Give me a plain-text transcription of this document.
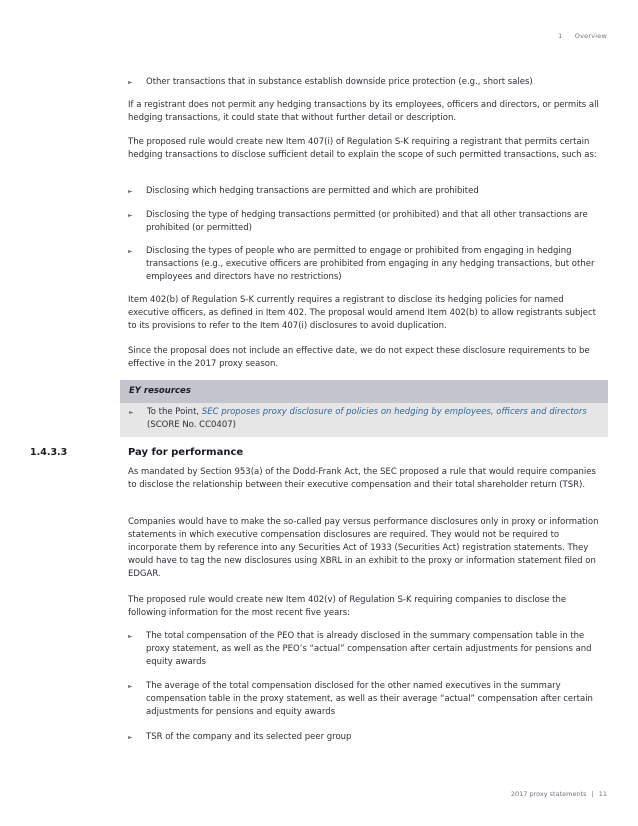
1 Overview
► Other transactions that in substance establish downside price protection (e.g., short sales)

If a registrant does not permit any hedging transactions by its employees, officers and directors, or permits all hedging transactions, it could state that without further detail or description.

The proposed rule would create new Item 407(i) of Regulation S-K requiring a registrant that permits certain hedging transactions to disclose sufficient detail to explain the scope of such permitted transactions, such as:

► Disclosing which hedging transactions are permitted and which are prohibited
► Disclosing the type of hedging transactions permitted (or prohibited) and that all other transactions are prohibited (or permitted)
► Disclosing the types of people who are permitted to engage or prohibited from engaging in hedging transactions (e.g., executive officers are prohibited from engaging in any hedging transactions, but other employees and directors have no restrictions)

Item 402(b) of Regulation S-K currently requires a registrant to disclose its hedging policies for named executive officers, as defined in Item 402. The proposal would amend Item 402(b) to allow registrants subject to its provisions to refer to the Item 407(i) disclosures to avoid duplication.

Since the proposal does not include an effective date, we do not expect these disclosure requirements to be effective in the 2017 proxy season.

EY resources
► To the Point, SEC proposes proxy disclosure of policies on hedging by employees, officers and directors (SCORE No. CC0407)
1.4.3.3	Pay for performance

As mandated by Section 953(a) of the Dodd-Frank Act, the SEC proposed a rule that would require companies to disclose the relationship between their executive compensation and their total shareholder return (TSR).

Companies would have to make the so-called pay versus performance disclosures only in proxy or information statements in which executive compensation disclosures are required. They would not be required to incorporate them by reference into any Securities Act of 1933 (Securities Act) registration statements. They would have to tag the new disclosures using XBRL in an exhibit to the proxy or information statement filed on EDGAR.

The proposed rule would create new Item 402(v) of Regulation S-K requiring companies to disclose the following information for the most recent five years:

► The total compensation of the PEO that is already disclosed in the summary compensation table in the proxy statement, as well as the PEO’s “actual” compensation after certain adjustments for pensions and equity awards
► The average of the total compensation disclosed for the other named executives in the summary compensation table in the proxy statement, as well as their average “actual” compensation after certain adjustments for pensions and equity awards
► TSR of the company and its selected peer group
2017 proxy statements | 11
